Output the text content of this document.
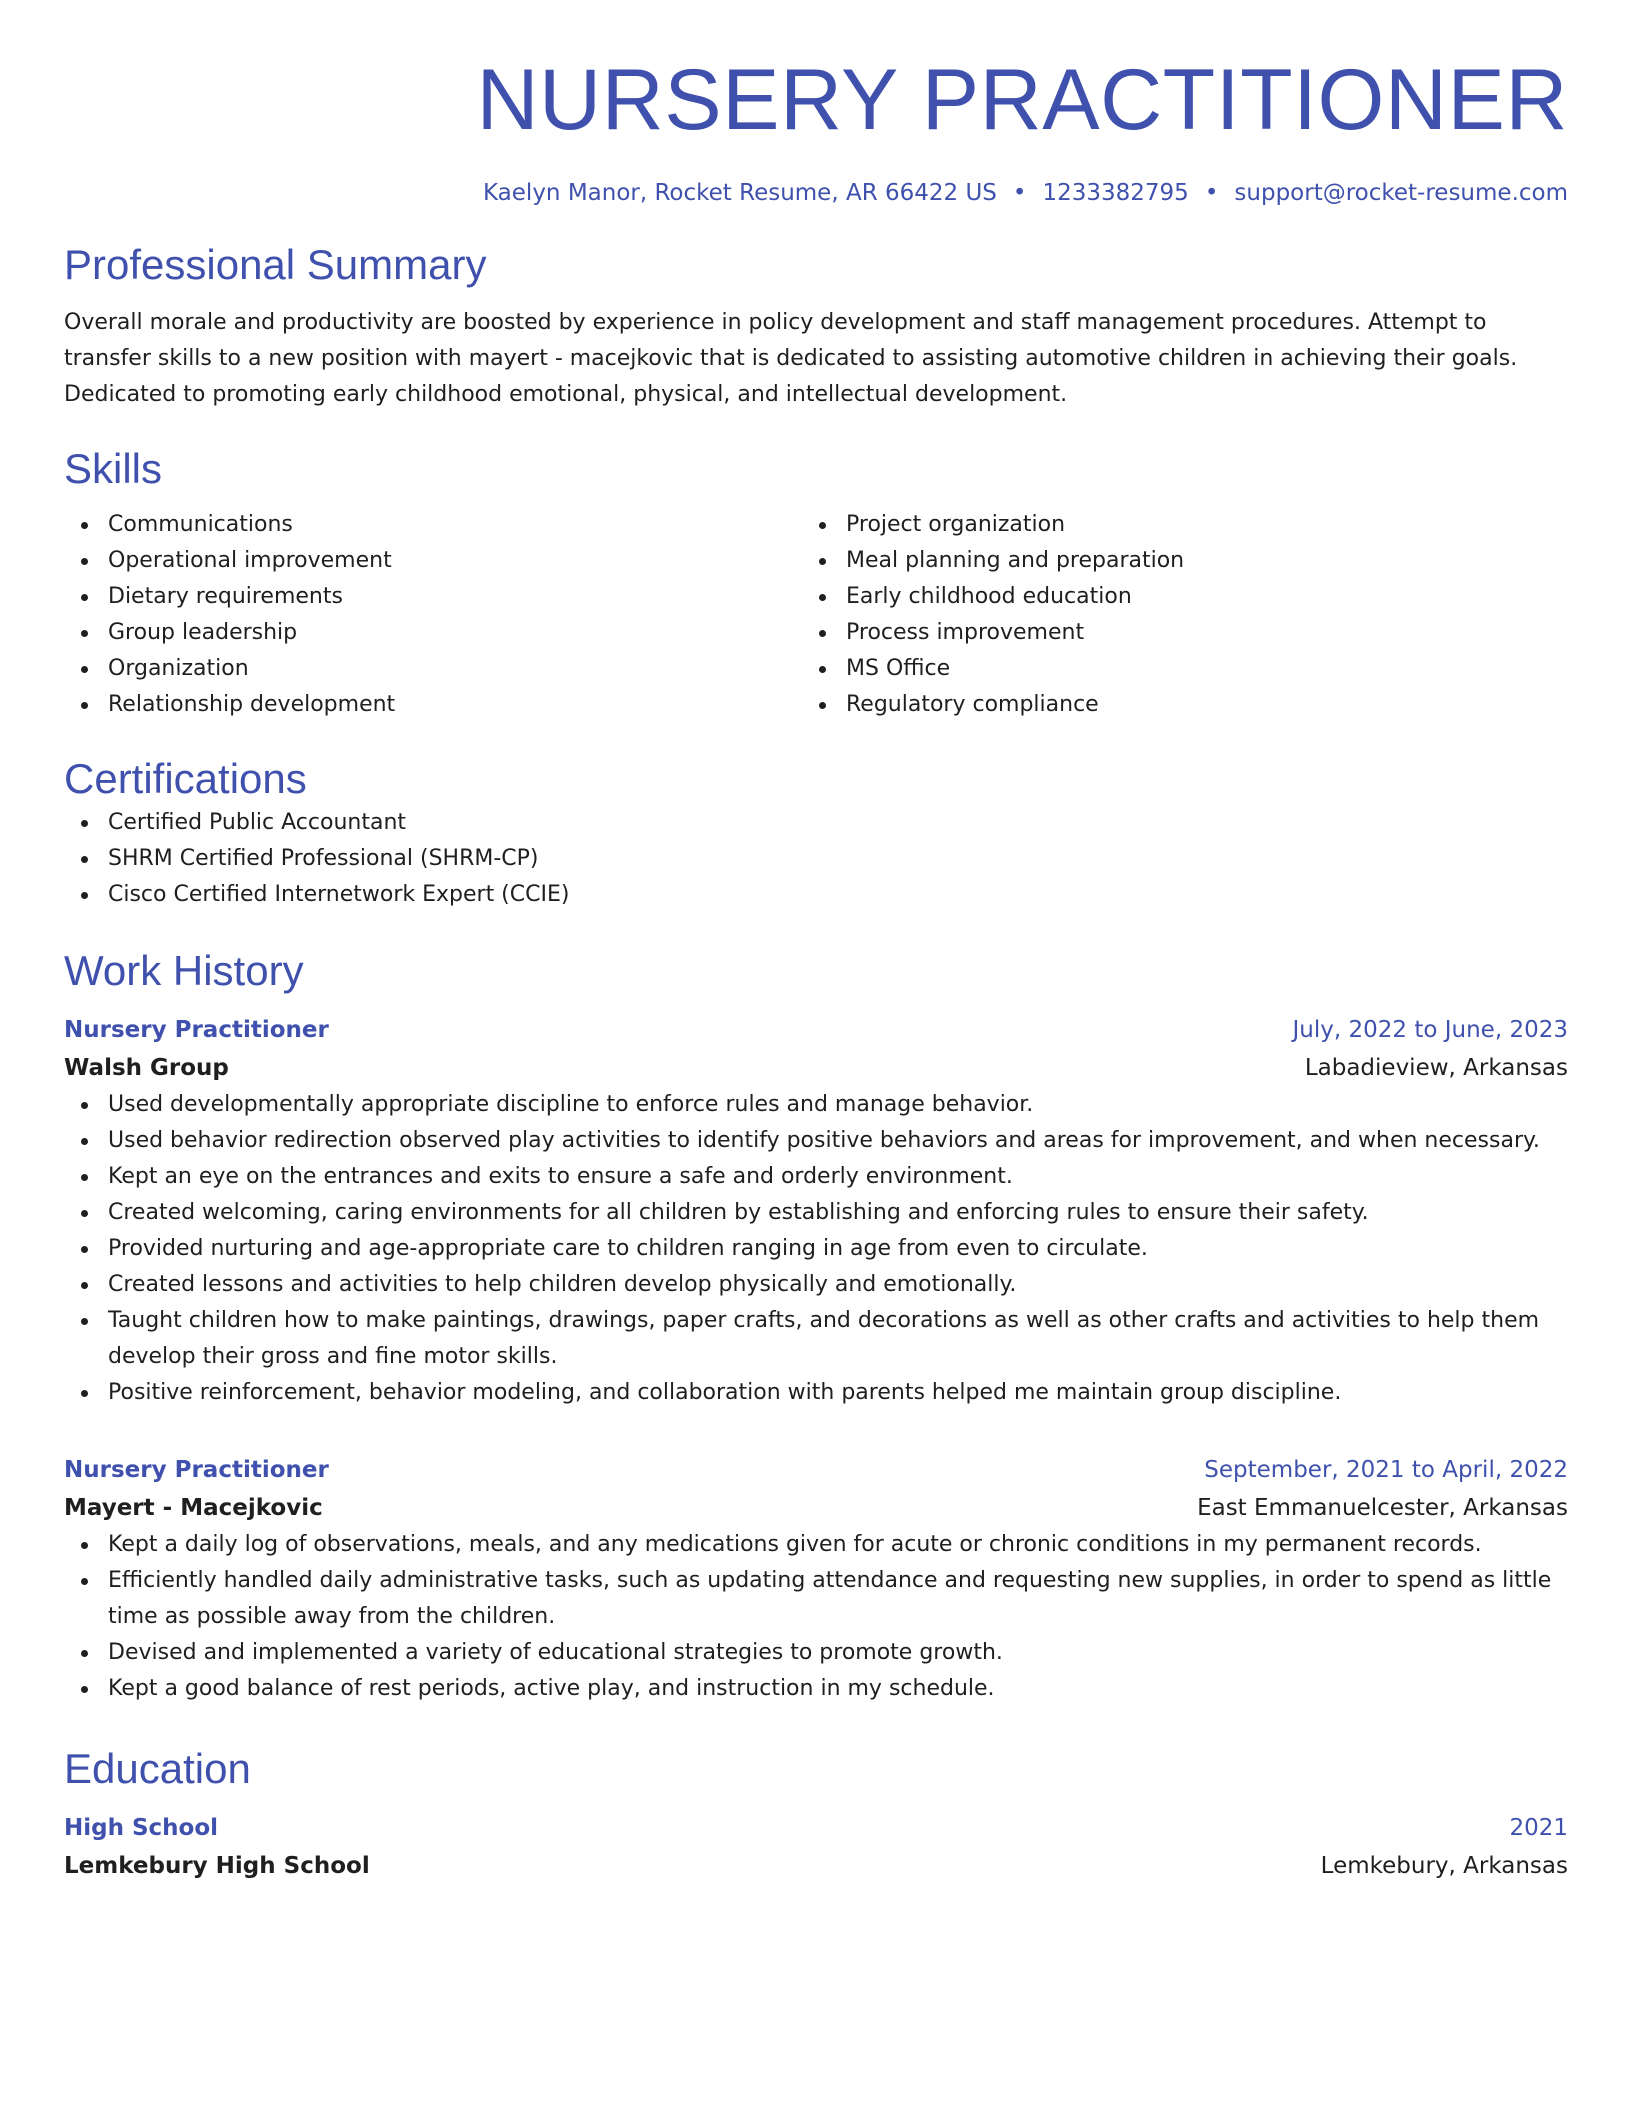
NURSERY PRACTITIONER
Kaelyn Manor, Rocket Resume, AR 66422 US • 1233382795 • support@rocket-resume.com
Professional Summary
Overall morale and productivity are boosted by experience in policy development and staff management procedures. Attempt to transfer skills to a new position with mayert - macejkovic that is dedicated to assisting automotive children in achieving their goals. Dedicated to promoting early childhood emotional, physical, and intellectual development.
Skills
Communications
Operational improvement
Dietary requirements
Group leadership
Organization
Relationship development
Project organization
Meal planning and preparation
Early childhood education
Process improvement
MS Office
Regulatory compliance
Certifications
Certified Public Accountant
SHRM Certified Professional (SHRM-CP)
Cisco Certified Internetwork Expert (CCIE)
Work History
Nursery Practitioner	July, 2022 to June, 2023
Walsh Group	Labadieview, Arkansas
Used developmentally appropriate discipline to enforce rules and manage behavior.
Used behavior redirection observed play activities to identify positive behaviors and areas for improvement, and when necessary.
Kept an eye on the entrances and exits to ensure a safe and orderly environment.
Created welcoming, caring environments for all children by establishing and enforcing rules to ensure their safety.
Provided nurturing and age-appropriate care to children ranging in age from even to circulate.
Created lessons and activities to help children develop physically and emotionally.
Taught children how to make paintings, drawings, paper crafts, and decorations as well as other crafts and activities to help them develop their gross and fine motor skills.
Positive reinforcement, behavior modeling, and collaboration with parents helped me maintain group discipline.
Nursery Practitioner	September, 2021 to April, 2022
Mayert - Macejkovic	East Emmanuelcester, Arkansas
Kept a daily log of observations, meals, and any medications given for acute or chronic conditions in my permanent records.
Efficiently handled daily administrative tasks, such as updating attendance and requesting new supplies, in order to spend as little time as possible away from the children.
Devised and implemented a variety of educational strategies to promote growth.
Kept a good balance of rest periods, active play, and instruction in my schedule.
Education
High School	2021
Lemkebury High School	Lemkebury, Arkansas
